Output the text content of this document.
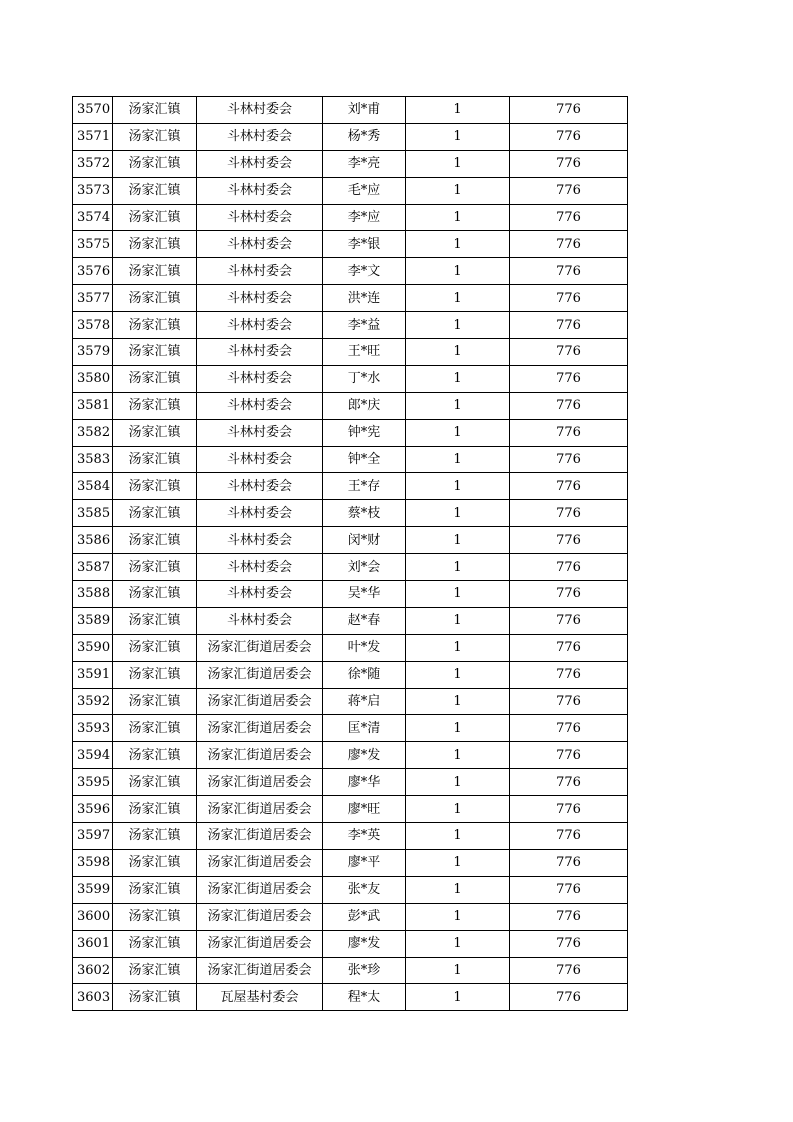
3570	汤家汇镇	斗林村委会	刘*甫	1	776
3571	汤家汇镇	斗林村委会	杨*秀	1	776
3572	汤家汇镇	斗林村委会	李*亮	1	776
3573	汤家汇镇	斗林村委会	毛*应	1	776
3574	汤家汇镇	斗林村委会	李*应	1	776
3575	汤家汇镇	斗林村委会	李*银	1	776
3576	汤家汇镇	斗林村委会	李*文	1	776
3577	汤家汇镇	斗林村委会	洪*连	1	776
3578	汤家汇镇	斗林村委会	李*益	1	776
3579	汤家汇镇	斗林村委会	王*旺	1	776
3580	汤家汇镇	斗林村委会	丁*水	1	776
3581	汤家汇镇	斗林村委会	郎*庆	1	776
3582	汤家汇镇	斗林村委会	钟*宪	1	776
3583	汤家汇镇	斗林村委会	钟*全	1	776
3584	汤家汇镇	斗林村委会	王*存	1	776
3585	汤家汇镇	斗林村委会	蔡*枝	1	776
3586	汤家汇镇	斗林村委会	闵*财	1	776
3587	汤家汇镇	斗林村委会	刘*会	1	776
3588	汤家汇镇	斗林村委会	吴*华	1	776
3589	汤家汇镇	斗林村委会	赵*春	1	776
3590	汤家汇镇	汤家汇街道居委会	叶*发	1	776
3591	汤家汇镇	汤家汇街道居委会	徐*随	1	776
3592	汤家汇镇	汤家汇街道居委会	蒋*启	1	776
3593	汤家汇镇	汤家汇街道居委会	匡*清	1	776
3594	汤家汇镇	汤家汇街道居委会	廖*发	1	776
3595	汤家汇镇	汤家汇街道居委会	廖*华	1	776
3596	汤家汇镇	汤家汇街道居委会	廖*旺	1	776
3597	汤家汇镇	汤家汇街道居委会	李*英	1	776
3598	汤家汇镇	汤家汇街道居委会	廖*平	1	776
3599	汤家汇镇	汤家汇街道居委会	张*友	1	776
3600	汤家汇镇	汤家汇街道居委会	彭*武	1	776
3601	汤家汇镇	汤家汇街道居委会	廖*发	1	776
3602	汤家汇镇	汤家汇街道居委会	张*珍	1	776
3603	汤家汇镇	瓦屋基村委会	程*太	1	776
